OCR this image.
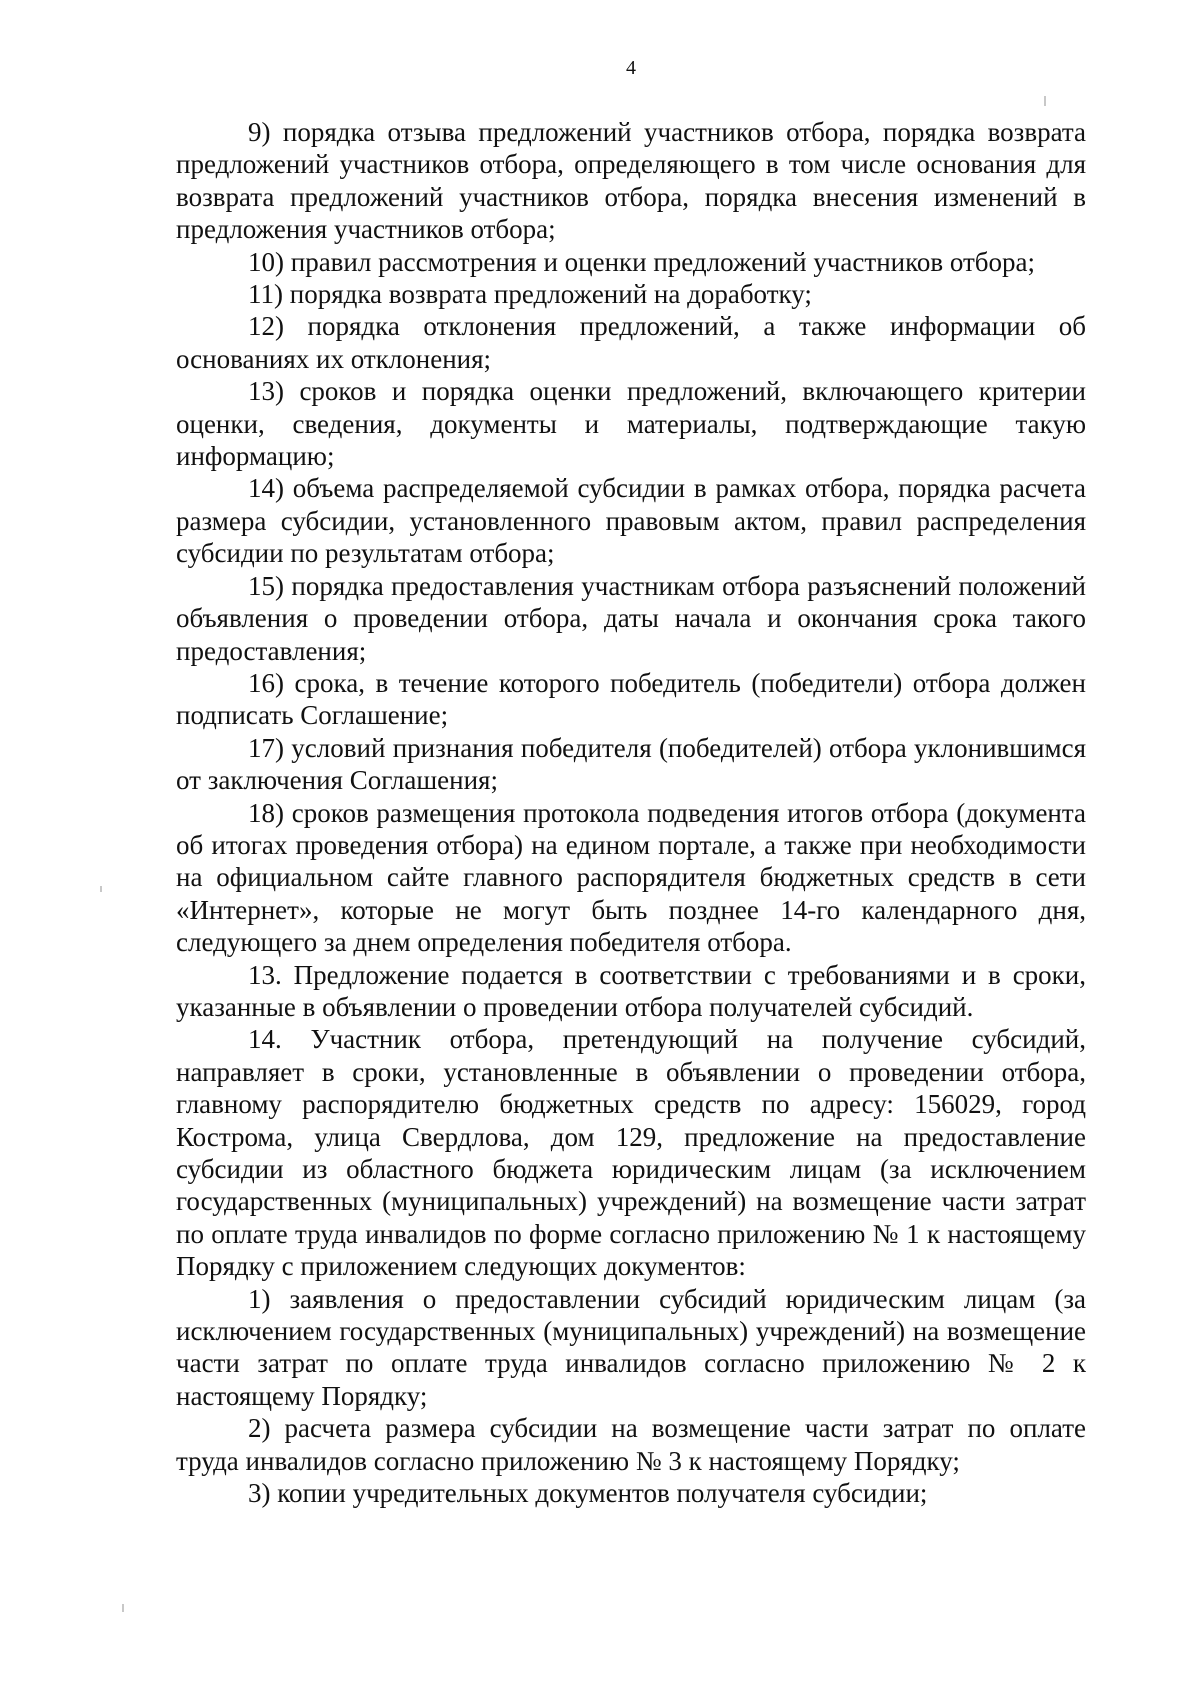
4

9) порядка отзыва предложений участников отбора, порядка возврата предложений участников отбора, определяющего в том числе основания для возврата предложений участников отбора, порядка внесения изменений в предложения участников отбора;

10) правил рассмотрения и оценки предложений участников отбора;

11) порядка возврата предложений на доработку;

12) порядка отклонения предложений, а также информации об основаниях их отклонения;

13) сроков и порядка оценки предложений, включающего критерии оценки, сведения, документы и материалы, подтверждающие такую информацию;

14) объема распределяемой субсидии в рамках отбора, порядка расчета размера субсидии, установленного правовым актом, правил распределения субсидии по результатам отбора;

15) порядка предоставления участникам отбора разъяснений положений объявления о проведении отбора, даты начала и окончания срока такого предоставления;

16) срока, в течение которого победитель (победители) отбора должен подписать Соглашение;

17) условий признания победителя (победителей) отбора уклонившимся от заключения Соглашения;

18) сроков размещения протокола подведения итогов отбора (документа об итогах проведения отбора) на едином портале, а также при необходимости на официальном сайте главного распорядителя бюджетных средств в сети «Интернет», которые не могут быть позднее 14-го календарного дня, следующего за днем определения победителя отбора.

13. Предложение подается в соответствии с требованиями и в сроки, указанные в объявлении о проведении отбора получателей субсидий.

14. Участник отбора, претендующий на получение субсидий, направляет в сроки, установленные в объявлении о проведении отбора, главному распорядителю бюджетных средств по адресу: 156029, город Кострома, улица Свердлова, дом 129, предложение на предоставление субсидии из областного бюджета юридическим лицам (за исключением государственных (муниципальных) учреждений) на возмещение части затрат по оплате труда инвалидов по форме согласно приложению № 1 к настоящему Порядку с приложением следующих документов:

1) заявления о предоставлении субсидий юридическим лицам (за исключением государственных (муниципальных) учреждений) на возмещение части затрат по оплате труда инвалидов согласно приложению № 2 к настоящему Порядку;

2) расчета размера субсидии на возмещение части затрат по оплате труда инвалидов согласно приложению № 3 к настоящему Порядку;

3) копии учредительных документов получателя субсидии;
